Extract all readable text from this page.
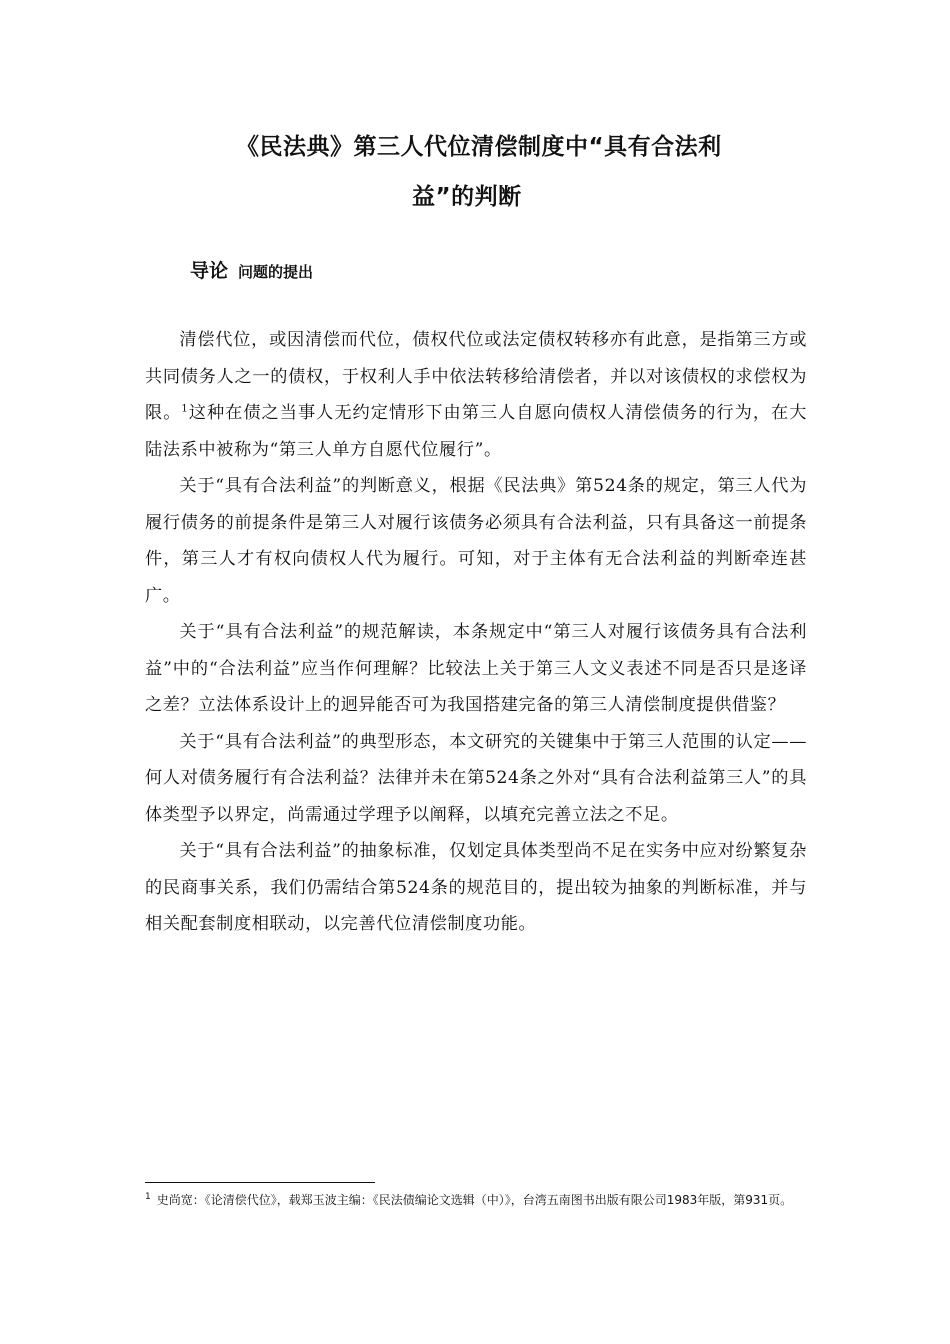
《民法典》第三人代位清偿制度中“具有合法利
益”的判断
导论 问题的提出

清偿代位，或因清偿而代位，债权代位或法定债权转移亦有此意，是指第三方或共同债务人之一的债权，于权利人手中依法转移给清偿者，并以对该债权的求偿权为限。$^1$这种在债之当事人无约定情形下由第三人自愿向债权人清偿债务的行为，在大陆法系中被称为“第三人单方自愿代位履行”。

关于“具有合法利益”的判断意义，根据《民法典》第524条的规定，第三人代为履行债务的前提条件是第三人对履行该债务必须具有合法利益，只有具备这一前提条件，第三人才有权向债权人代为履行。可知，对于主体有无合法利益的判断牵连甚广。

关于“具有合法利益”的规范解读，本条规定中“第三人对履行该债务具有合法利益”中的“合法利益”应当作何理解？比较法上关于第三人文义表述不同是否只是迻译之差？立法体系设计上的迥异能否可为我国搭建完备的第三人清偿制度提供借鉴？

关于“具有合法利益”的典型形态，本文研究的关键集中于第三人范围的认定——何人对债务履行有合法利益？法律并未在第524条之外对“具有合法利益第三人”的具体类型予以界定，尚需通过学理予以阐释，以填充完善立法之不足。

关于“具有合法利益”的抽象标准，仅划定具体类型尚不足在实务中应对纷繁复杂的民商事关系，我们仍需结合第524条的规范目的，提出较为抽象的判断标准，并与相关配套制度相联动，以完善代位清偿制度功能。

$^1$ 史尚宽：《论清偿代位》，载郑玉波主编：《民法债编论文选辑（中）》，台湾五南图书出版有限公司1983年版，第931页。
